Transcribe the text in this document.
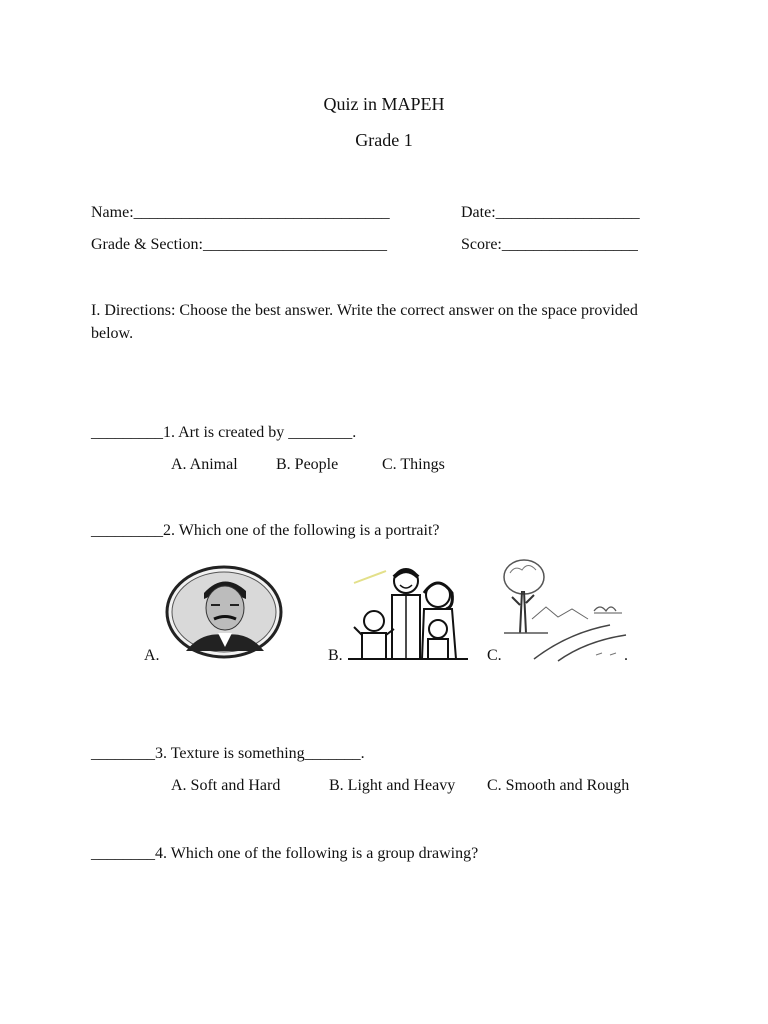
Quiz in MAPEH
Grade 1
Name:________________________________	Date:__________________
Grade & Section:_______________________	Score:_________________
I. Directions: Choose the best answer. Write the correct answer on the space provided below.
_________1. Art is created by ________.
A. Animal B. People	C. Things
_________2. Which one of the following is a portrait?
A.	B.	C.	.
________3. Texture is something_______.
A. Soft and Hard	B. Light and Heavy C. Smooth and Rough
________4. Which one of the following is a group drawing?
